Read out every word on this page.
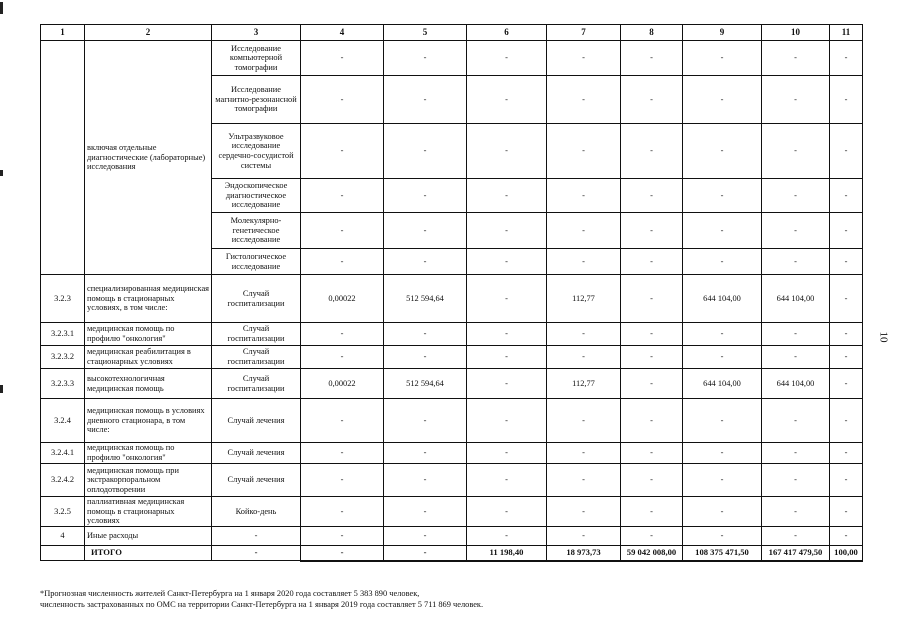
1	2	3	4	5	6	7	8	9	10	11
	включая отдельные диагностические (лабораторные) исследования	Исследование компьютерной томографии	-	-	-	-	-	-	-	-
		Исследование магнитно-резонансной томографии	-	-	-	-	-	-	-	-
		Ультразвуковое исследование сердечно-сосудистой системы	-	-	-	-	-	-	-	-
		Эндоскопическое диагностическое исследование	-	-	-	-	-	-	-	-
		Молекулярно-генетическое исследование	-	-	-	-	-	-	-	-
		Гистологическое исследование	-	-	-	-	-	-	-	-
3.2.3	специализированная медицинская помощь в стационарных условиях, в том числе:	Случай госпитализации	0,00022	512 594,64	-	112,77	-	644 104,00	644 104,00	-
3.2.3.1	медицинская помощь по профилю "онкология"	Случай госпитализации	-	-	-	-	-	-	-	-
3.2.3.2	медицинская реабилитация в стационарных условиях	Случай госпитализации	-	-	-	-	-	-	-	-
3.2.3.3	высокотехнологичная медицинская помощь	Случай госпитализации	0,00022	512 594,64	-	112,77	-	644 104,00	644 104,00	-
3.2.4	медицинская помощь в условиях дневного стационара, в том числе:	Случай лечения	-	-	-	-	-	-	-	-
3.2.4.1	медицинская помощь по профилю "онкология"	Случай лечения	-	-	-	-	-	-	-	-
3.2.4.2	медицинская помощь при экстракорпоральном оплодотворении	Случай лечения	-	-	-	-	-	-	-	-
3.2.5	паллиативная медицинская помощь в стационарных условиях	Койко-день	-	-	-	-	-	-	-	-
4	Иные расходы	-	-	-	-	-	-	-	-	-
	ИТОГО	-	-	-	11 198,40	18 973,73	59 042 008,00	108 375 471,50	167 417 479,50	100,00
*Прогнозная численность жителей Санкт-Петербурга на 1 января 2020 года составляет 5 383 890 человек,
численность застрахованных по ОМС на территории Санкт-Петербурга на 1 января 2019 года составляет 5 711 869 человек.
10
